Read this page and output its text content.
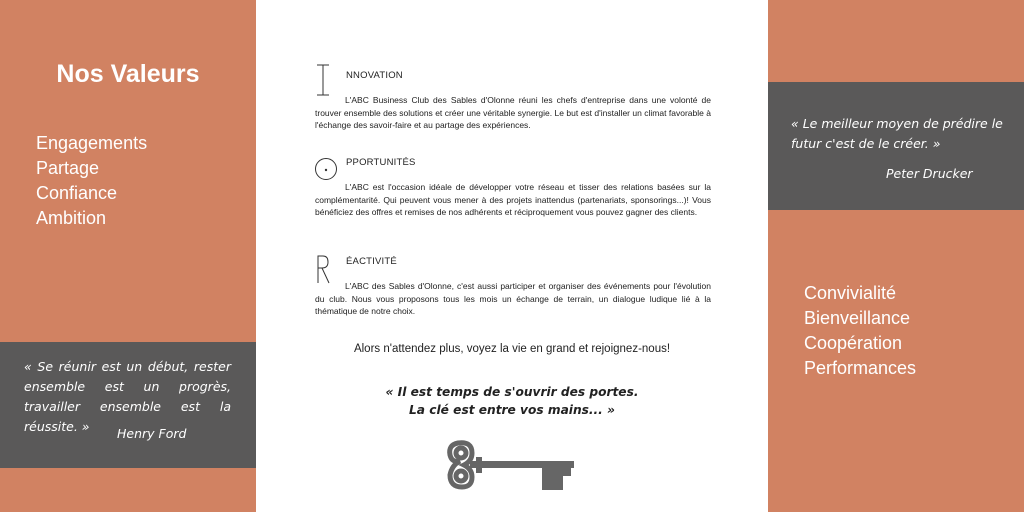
Nos Valeurs
Engagements
Partage
Confiance
Ambition
« Se réunir est un début, rester ensemble est un progrès, travailler ensemble est la réussite. »	Henry Ford
NNOVATION
L'ABC Business Club des Sables d'Olonne réuni les chefs d'entreprise dans une volonté de trouver ensemble des solutions et créer une véritable synergie. Le but est d'installer un climat favorable à l'échange des savoir-faire et au partage des expériences.
PPORTUNITÉS
L'ABC est l'occasion idéale de développer votre réseau et tisser des relations basées sur la complémentarité. Qui peuvent vous mener à des projets inattendus (partenariats, sponsorings...)! Vous bénéficiez des offres et remises de nos adhérents et réciproquement vous pouvez gagner des clients.
ÉACTIVITÉ
L'ABC des Sables d'Olonne, c'est aussi participer et organiser des événements pour l'évolution du club. Nous vous proposons tous les mois un échange de terrain, un dialogue ludique lié à la thématique de notre choix.
Alors n'attendez plus, voyez la vie en grand et rejoignez-nous!
« Il est temps de s'ouvrir des portes.
La clé est entre vos mains... »
« Le meilleur moyen de prédire le futur c'est de le créer. »
Peter Drucker
Convivialité
Bienveillance
Coopération
Performances
